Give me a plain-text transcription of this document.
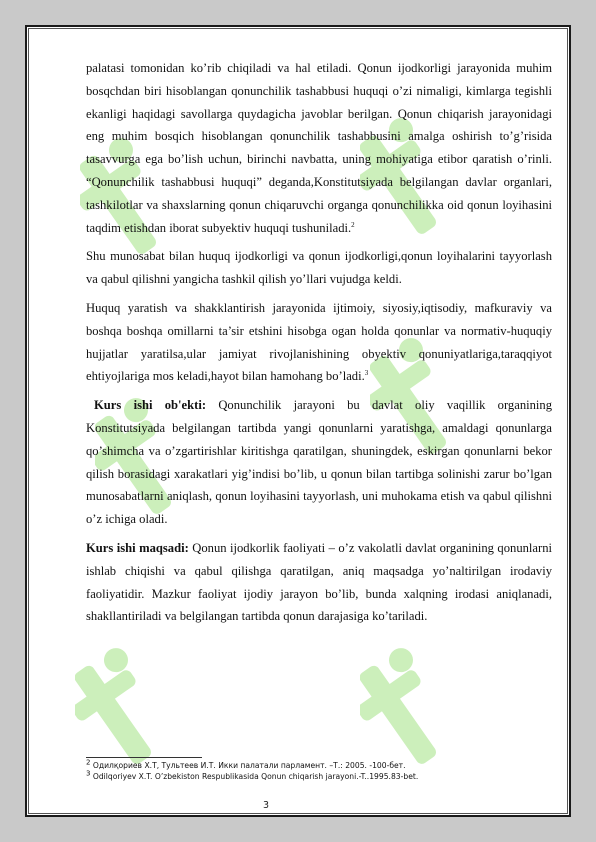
palatasi tomonidan ko’rib chiqiladi va hal etiladi. Qonun ijodkorligi jarayonida muhim bosqchdan biri hisoblangan qonunchilik tashabbusi huquqi o’zi nimaligi, kimlarga tegishli ekanligi haqidagi savollarga quydagicha javoblar berilgan. Qonun chiqarish jarayonidagi eng muhim bosqich hisoblangan qonunchilik tashabbusini amalga oshirish to’g’risida tasavvurga ega bo’lish uchun, birinchi navbatta, uning mohiyatiga etibor qaratish o’rinli. “Qonunchilik tashabbusi huquqi” deganda,Konstitutsiyada belgilangan davlar organlari, tashkilotlar va shaxslarning qonun chiqaruvchi organga qonunchilikka oid qonun loyihasini taqdim etishdan iborat subyektiv huquqi tushuniladi.$^2$

Shu munosabat bilan huquq ijodkorligi va qonun ijodkorligi,qonun loyihalarini tayyorlash va qabul qilishni yangicha tashkil qilish yo’llari vujudga keldi.

Huquq yaratish va shakklantirish jarayonida ijtimoiy, siyosiy,iqtisodiy, mafkuraviy va boshqa boshqa omillarni ta’sir etshini hisobga ogan holda qonunlar va normativ-huquqiy hujjatlar yaratilsa,ular jamiyat rivojlanishining obyektiv qonuniyatlariga,taraqqiyot ehtiyojlariga mos keladi,hayot bilan hamohang bo’ladi.$^3$

Kurs ishi ob'ekti: Qonunchilik jarayoni bu davlat oliy vaqillik organining Konstitutsiyada belgilangan tartibda yangi qonunlarni yaratishga, amaldagi qonunlarga qo’shimcha va o’zgartirishlar kiritishga qaratilgan, shuningdek, eskirgan qonunlarni bekor qilish borasidagi xarakatlari yig’indisi bo’lib, u qonun bilan tartibga solinishi zarur bo’lgan munosabatlarni aniqlash, qonun loyihasini tayyorlash, uni muhokama etish va qabul qilishni o’z ichiga oladi.

Kurs ishi maqsadi: Qonun ijodkorlik faoliyati – o’z vakolatli davlat organining qonunlarni ishlab chiqishi va qabul qilishga qaratilgan, aniq maqsadga yo’naltirilgan irodaviy faoliyatidir. Mazkur faoliyat ijodiy jarayon bo’lib, bunda xalqning irodasi aniqlanadi, shakllantiriladi va belgilangan tartibda qonun darajasiga ko’tariladi.

$^2$ Одилқориев Х.Т, Тультеев И.Т. Икки палатали парламент. –Т.: 2005. -100-бет.
$^3$ Odilqoriyev X.T. O’zbekiston Respublikasida Qonun chiqarish jarayoni.-T..1995.83-bet.
3
